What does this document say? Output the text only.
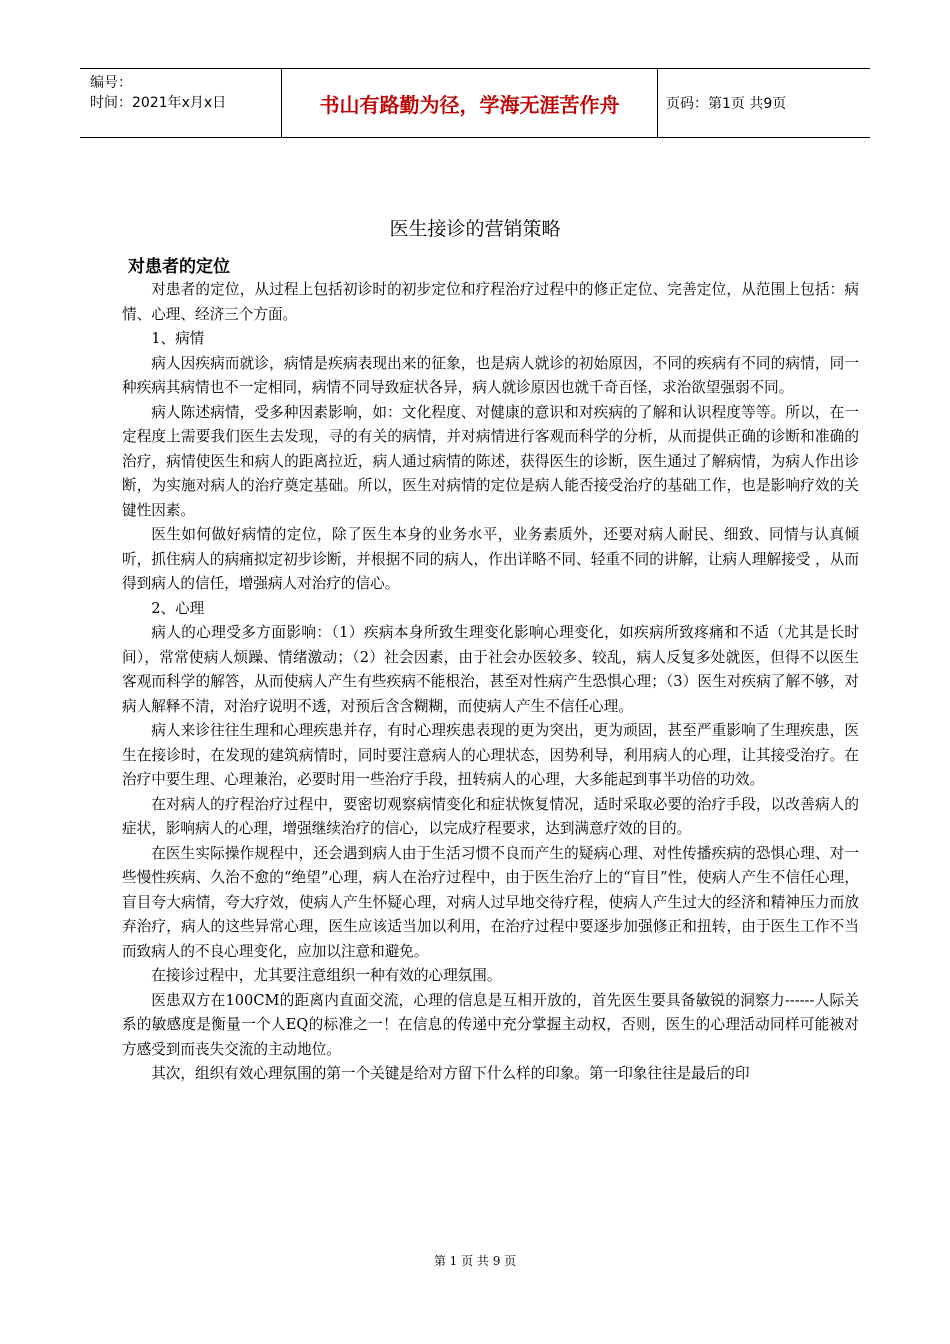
编号：
时间：2021年x月x日	书山有路勤为径，学海无涯苦作舟	页码：第1页 共9页
医生接诊的营销策略
对患者的定位

对患者的定位，从过程上包括初诊时的初步定位和疗程治疗过程中的修正定位、完善定位，从范围上包括：病情、心理、经济三个方面。

1、病情

病人因疾病而就诊，病情是疾病表现出来的征象，也是病人就诊的初始原因，不同的疾病有不同的病情，同一种疾病其病情也不一定相同，病情不同导致症状各异，病人就诊原因也就千奇百怪，求治欲望强弱不同。

病人陈述病情，受多种因素影响，如：文化程度、对健康的意识和对疾病的了解和认识程度等等。所以，在一定程度上需要我们医生去发现，寻的有关的病情，并对病情进行客观而科学的分析，从而提供正确的诊断和准确的治疗，病情使医生和病人的距离拉近，病人通过病情的陈述，获得医生的诊断，医生通过了解病情，为病人作出诊断，为实施对病人的治疗奠定基础。所以，医生对病情的定位是病人能否接受治疗的基础工作，也是影响疗效的关键性因素。

医生如何做好病情的定位，除了医生本身的业务水平，业务素质外，还要对病人耐民、细致、同情与认真倾听，抓住病人的病痛拟定初步诊断，并根据不同的病人，作出详略不同、轻重不同的讲解，让病人理解接受 ，从而得到病人的信任，增强病人对治疗的信心。

2、心理

病人的心理受多方面影响：（1）疾病本身所致生理变化影响心理变化，如疾病所致疼痛和不适（尤其是长时间），常常使病人烦躁、情绪激动；（2）社会因素，由于社会办医较多、较乱，病人反复多处就医，但得不以医生客观而科学的解答，从而使病人产生有些疾病不能根治，甚至对性病产生恐惧心理；（3）医生对疾病了解不够，对病人解释不清，对治疗说明不透，对预后含含糊糊，而使病人产生不信任心理。

病人来诊往往生理和心理疾患并存，有时心理疾患表现的更为突出，更为顽固，甚至严重影响了生理疾患，医生在接诊时，在发现的建筑病情时，同时要注意病人的心理状态，因势利导，利用病人的心理，让其接受治疗。在治疗中要生理、心理兼治，必要时用一些治疗手段，扭转病人的心理，大多能起到事半功倍的功效。

在对病人的疗程治疗过程中，要密切观察病情变化和症状恢复情况，适时采取必要的治疗手段，以改善病人的症状，影响病人的心理，增强继续治疗的信心，以完成疗程要求，达到满意疗效的目的。

在医生实际操作规程中，还会遇到病人由于生活习惯不良而产生的疑病心理、对性传播疾病的恐惧心理、对一些慢性疾病、久治不愈的“绝望”心理，病人在治疗过程中，由于医生治疗上的“盲目”性，使病人产生不信任心理，盲目夸大病情，夸大疗效，使病人产生怀疑心理，对病人过早地交待疗程，使病人产生过大的经济和精神压力而放弃治疗，病人的这些异常心理，医生应该适当加以利用，在治疗过程中要逐步加强修正和扭转，由于医生工作不当而致病人的不良心理变化，应加以注意和避免。

在接诊过程中，尤其要注意组织一种有效的心理氛围。

医患双方在100CM的距离内直面交流，心理的信息是互相开放的，首先医生要具备敏锐的洞察力------人际关系的敏感度是衡量一个人EQ的标准之一！在信息的传递中充分掌握主动权，否则，医生的心理活动同样可能被对方感受到而丧失交流的主动地位。

其次，组织有效心理氛围的第一个关键是给对方留下什么样的印象。第一印象往往是最后的印

第 1 页 共 9 页
